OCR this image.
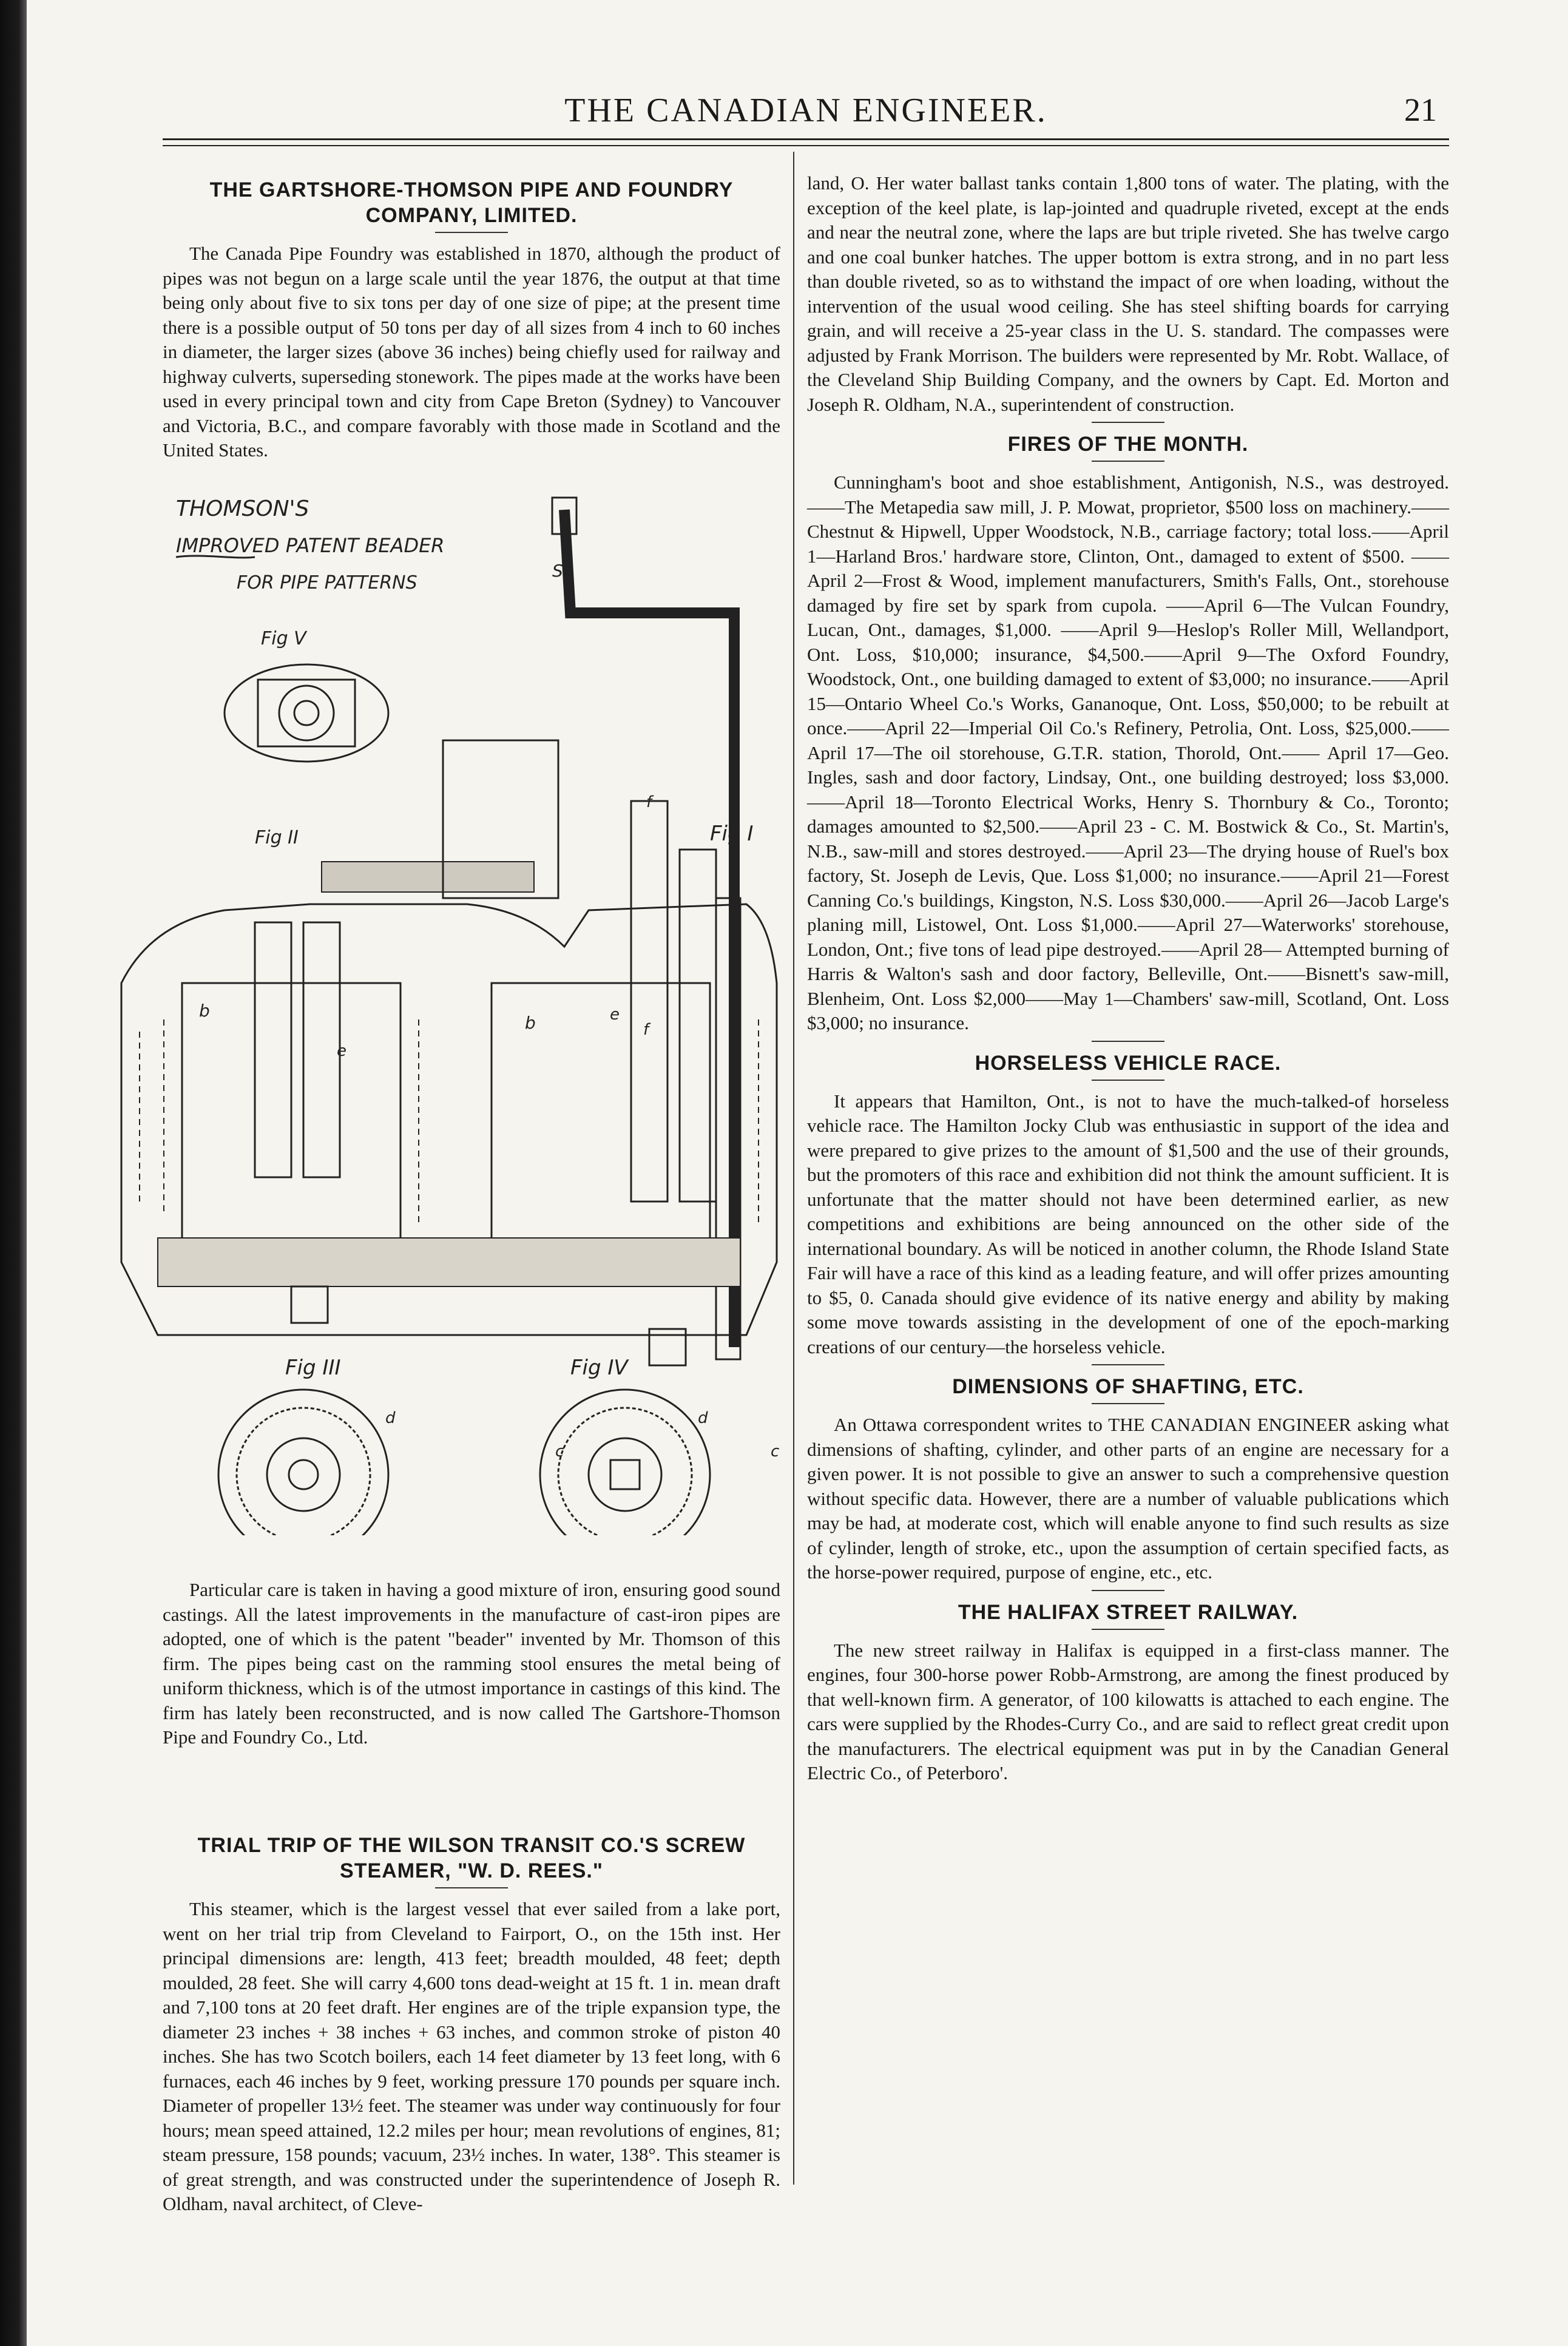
THE CANADIAN ENGINEER.	21
THE GARTSHORE-THOMSON PIPE AND FOUNDRY
COMPANY, LIMITED.

The Canada Pipe Foundry was established in 1870, although the product of pipes was not begun on a large scale until the year 1876, the output at that time being only about five to six tons per day of one size of pipe; at the present time there is a possible output of 50 tons per day of all sizes from 4 inch to 60 inches in diameter, the larger sizes (above 36 inches) being chiefly used for railway and highway culverts, superseding stonework. The pipes made at the works have been used in every principal town and city from Cape Breton (Sydney) to Vancouver and Victoria, B.C., and compare favorably with those made in Scotland and the United States.

THOMSON'S
IMPROVED PATENT BEADER
FOR PIPE PATTERNS
Fig V
Fig II	Fig I
Fig III	Fig IV
S
f
f
e
e
b
b
d	d
c	c

Particular care is taken in having a good mixture of iron, ensuring good sound castings. All the latest improvements in the manufacture of cast-iron pipes are adopted, one of which is the patent "beader" invented by Mr. Thomson of this firm. The pipes being cast on the ramming stool ensures the metal being of uniform thickness, which is of the utmost importance in castings of this kind. The firm has lately been reconstructed, and is now called The Gartshore-Thomson Pipe and Foundry Co., Ltd.

TRIAL TRIP OF THE WILSON TRANSIT CO.'S SCREW
STEAMER, "W. D. REES."

This steamer, which is the largest vessel that ever sailed from a lake port, went on her trial trip from Cleveland to Fairport, O., on the 15th inst. Her principal dimensions are: length, 413 feet; breadth moulded, 48 feet; depth moulded, 28 feet. She will carry 4,600 tons dead-weight at 15 ft. 1 in. mean draft and 7,100 tons at 20 feet draft. Her engines are of the triple expansion type, the diameter 23 inches + 38 inches + 63 inches, and common stroke of piston 40 inches. She has two Scotch boilers, each 14 feet diameter by 13 feet long, with 6 furnaces, each 46 inches by 9 feet, working pressure 170 pounds per square inch. Diameter of propeller 13½ feet. The steamer was under way continuously for four hours; mean speed attained, 12.2 miles per hour; mean revolutions of engines, 81; steam pressure, 158 pounds; vacuum, 23½ inches. In water, 138°. This steamer is of great strength, and was constructed under the superintendence of Joseph R. Oldham, naval architect, of Cleve-

land, O. Her water ballast tanks contain 1,800 tons of water. The plating, with the exception of the keel plate, is lap-jointed and quadruple riveted, except at the ends and near the neutral zone, where the laps are but triple riveted. She has twelve cargo and one coal bunker hatches. The upper bottom is extra strong, and in no part less than double riveted, so as to withstand the impact of ore when loading, without the intervention of the usual wood ceiling. She has steel shifting boards for carrying grain, and will receive a 25-year class in the U. S. standard. The compasses were adjusted by Frank Morrison. The builders were represented by Mr. Robt. Wallace, of the Cleveland Ship Building Company, and the owners by Capt. Ed. Morton and Joseph R. Oldham, N.A., superintendent of construction.

FIRES OF THE MONTH.

Cunningham's boot and shoe establishment, Antigonish, N.S., was destroyed.——The Metapedia saw mill, J. P. Mowat, proprietor, $500 loss on machinery.——Chestnut & Hipwell, Upper Woodstock, N.B., carriage factory; total loss.——April 1—Harland Bros.' hardware store, Clinton, Ont., damaged to extent of $500. ——April 2—Frost & Wood, implement manufacturers, Smith's Falls, Ont., storehouse damaged by fire set by spark from cupola. ——April 6—The Vulcan Foundry, Lucan, Ont., damages, $1,000. ——April 9—Heslop's Roller Mill, Wellandport, Ont. Loss, $10,000; insurance, $4,500.——April 9—The Oxford Foundry, Woodstock, Ont., one building damaged to extent of $3,000; no insurance.——April 15—Ontario Wheel Co.'s Works, Gananoque, Ont. Loss, $50,000; to be rebuilt at once.——April 22—Imperial Oil Co.'s Refinery, Petrolia, Ont. Loss, $25,000.—— April 17—The oil storehouse, G.T.R. station, Thorold, Ont.—— April 17—Geo. Ingles, sash and door factory, Lindsay, Ont., one building destroyed; loss $3,000.——April 18—Toronto Electrical Works, Henry S. Thornbury & Co., Toronto; damages amounted to $2,500.——April 23 - C. M. Bostwick & Co., St. Martin's, N.B., saw-mill and stores destroyed.——April 23—The drying house of Ruel's box factory, St. Joseph de Levis, Que. Loss $1,000; no insurance.——April 21—Forest Canning Co.'s buildings, Kingston, N.S. Loss $30,000.——April 26—Jacob Large's planing mill, Listowel, Ont. Loss $1,000.——April 27—Waterworks' storehouse, London, Ont.; five tons of lead pipe destroyed.——April 28— Attempted burning of Harris & Walton's sash and door factory, Belleville, Ont.——Bisnett's saw-mill, Blenheim, Ont. Loss $2,000——May 1—Chambers' saw-mill, Scotland, Ont. Loss $3,000; no insurance.

HORSELESS VEHICLE RACE.

It appears that Hamilton, Ont., is not to have the much-talked-of horseless vehicle race. The Hamilton Jocky Club was enthusiastic in support of the idea and were prepared to give prizes to the amount of $1,500 and the use of their grounds, but the promoters of this race and exhibition did not think the amount sufficient. It is unfortunate that the matter should not have been determined earlier, as new competitions and exhibitions are being announced on the other side of the international boundary. As will be noticed in another column, the Rhode Island State Fair will have a race of this kind as a leading feature, and will offer prizes amounting to $5, 0. Canada should give evidence of its native energy and ability by making some move towards assisting in the development of one of the epoch-marking creations of our century—the horseless vehicle.

DIMENSIONS OF SHAFTING, ETC.

An Ottawa correspondent writes to THE CANADIAN ENGINEER asking what dimensions of shafting, cylinder, and other parts of an engine are necessary for a given power. It is not possible to give an answer to such a comprehensive question without specific data. However, there are a number of valuable publications which may be had, at moderate cost, which will enable anyone to find such results as size of cylinder, length of stroke, etc., upon the assumption of certain specified facts, as the horse-power required, purpose of engine, etc., etc.

THE HALIFAX STREET RAILWAY.

The new street railway in Halifax is equipped in a first-class manner. The engines, four 300-horse power Robb-Armstrong, are among the finest produced by that well-known firm. A generator, of 100 kilowatts is attached to each engine. The cars were supplied by the Rhodes-Curry Co., and are said to reflect great credit upon the manufacturers. The electrical equipment was put in by the Canadian General Electric Co., of Peterboro'.
